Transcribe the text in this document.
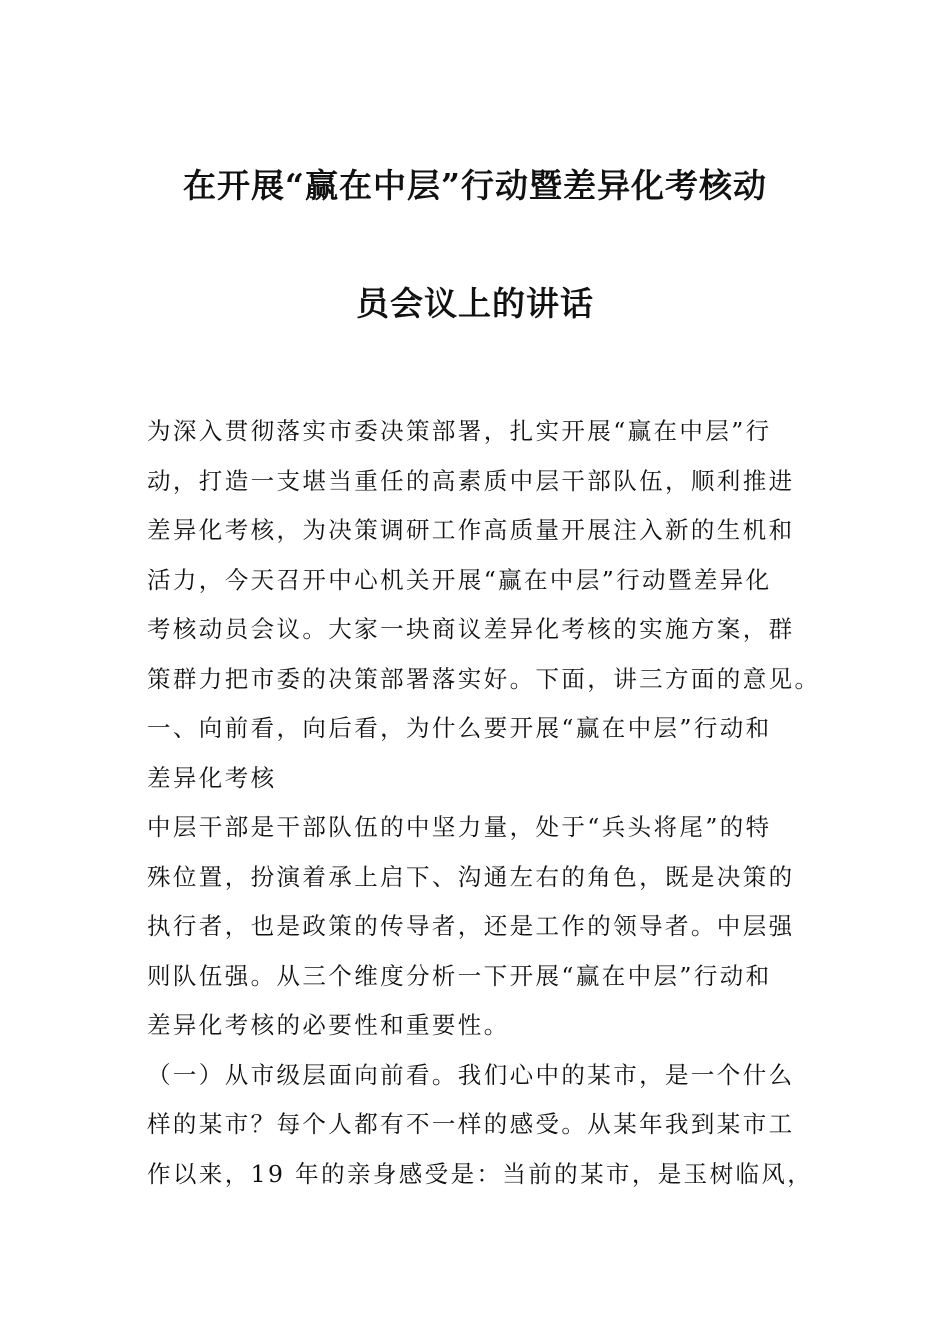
在开展“赢在中层”行动暨差异化考核动
员会议上的讲话
为深入贯彻落实市委决策部署，扎实开展“赢在中层”行
动，打造一支堪当重任的高素质中层干部队伍，顺利推进
差异化考核，为决策调研工作高质量开展注入新的生机和
活力，今天召开中心机关开展“赢在中层”行动暨差异化
考核动员会议。大家一块商议差异化考核的实施方案，群
策群力把市委的决策部署落实好。下面，讲三方面的意见。
一、向前看，向后看，为什么要开展“赢在中层”行动和
差异化考核
中层干部是干部队伍的中坚力量，处于“兵头将尾”的特
殊位置，扮演着承上启下、沟通左右的角色，既是决策的
执行者，也是政策的传导者，还是工作的领导者。中层强
则队伍强。从三个维度分析一下开展“赢在中层”行动和
差异化考核的必要性和重要性。
（一）从市级层面向前看。我们心中的某市，是一个什么
样的某市？每个人都有不一样的感受。从某年我到某市工
作以来，19 年的亲身感受是：当前的某市，是玉树临风，
